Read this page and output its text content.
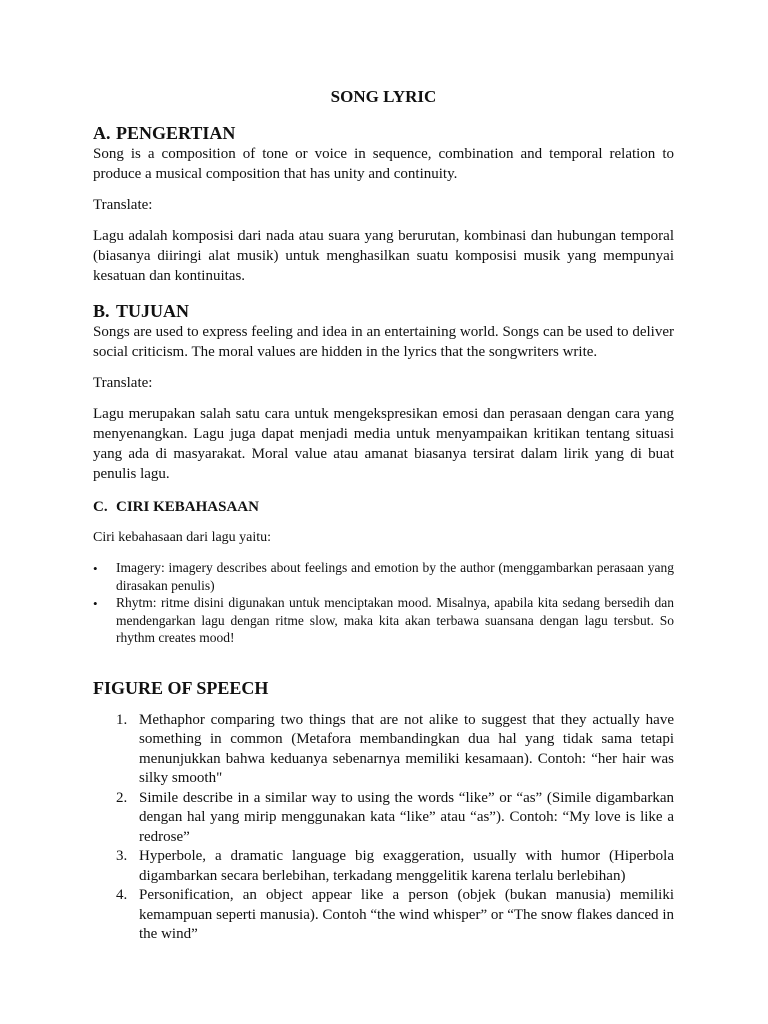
SONG LYRIC
A. PENGERTIAN

Song is a composition of tone or voice in sequence, combination and temporal relation to produce a musical composition that has unity and continuity.

Translate:

Lagu adalah komposisi dari nada atau suara yang berurutan, kombinasi dan hubungan temporal (biasanya diiringi alat musik) untuk menghasilkan suatu komposisi musik yang mempunyai kesatuan dan kontinuitas.

B. TUJUAN

Songs are used to express feeling and idea in an entertaining world. Songs can be used to deliver social criticism. The moral values are hidden in the lyrics that the songwriters write.

Translate:

Lagu merupakan salah satu cara untuk mengekspresikan emosi dan perasaan dengan cara yang menyenangkan. Lagu juga dapat menjadi media untuk menyampaikan kritikan tentang situasi yang ada di masyarakat. Moral value atau amanat biasanya tersirat dalam lirik yang di buat penulis lagu.

C. CIRI KEBAHASAAN

Ciri kebahasaan dari lagu yaitu:

• Imagery: imagery describes about feelings and emotion by the author (menggambarkan perasaan yang dirasakan penulis)
• Rhytm: ritme disini digunakan untuk menciptakan mood. Misalnya, apabila kita sedang bersedih dan mendengarkan lagu dengan ritme slow, maka kita akan terbawa suansana dengan lagu tersbut. So rhythm creates mood!
FIGURE OF SPEECH
1. Methaphor comparing two things that are not alike to suggest that they actually have something in common (Metafora membandingkan dua hal yang tidak sama tetapi menunjukkan bahwa keduanya sebenarnya memiliki kesamaan). Contoh: “her hair was silky smooth"
2. Simile describe in a similar way to using the words “like” or “as” (Simile digambarkan dengan hal yang mirip menggunakan kata “like” atau “as”). Contoh: “My love is like a redrose”
3. Hyperbole, a dramatic language big exaggeration, usually with humor (Hiperbola digambarkan secara berlebihan, terkadang menggelitik karena terlalu berlebihan)
4. Personification, an object appear like a person (objek (bukan manusia) memiliki kemampuan seperti manusia). Contoh “the wind whisper” or “The snow flakes danced in the wind”
